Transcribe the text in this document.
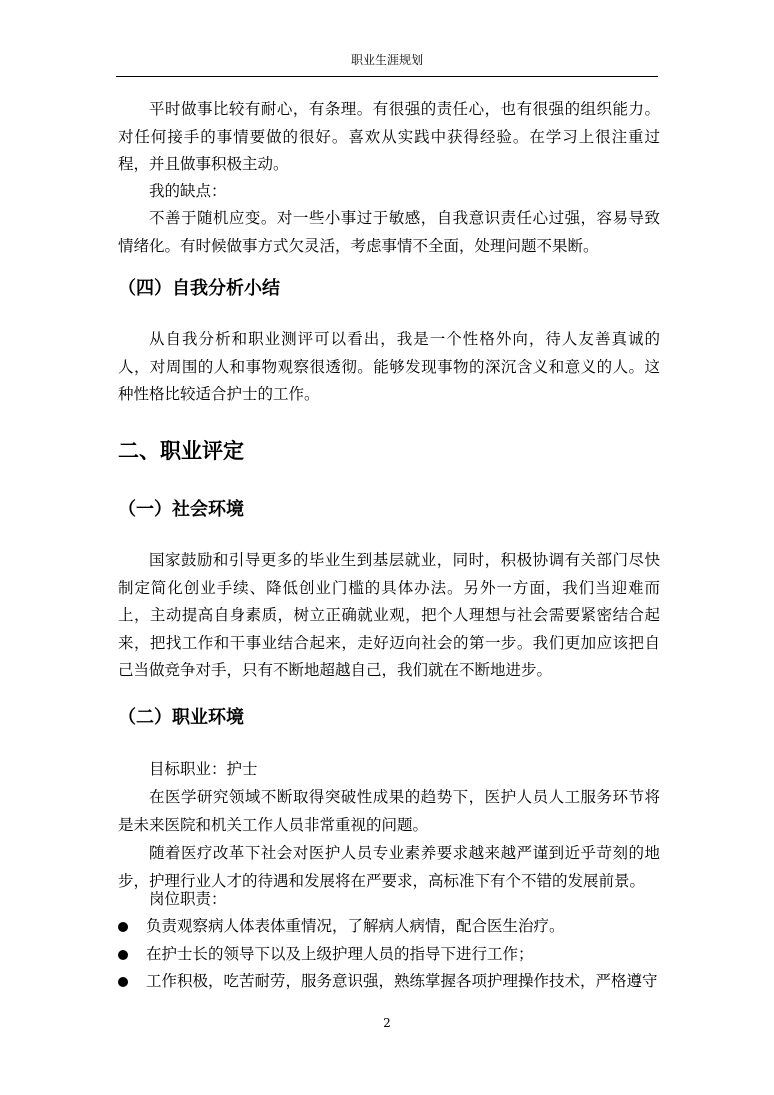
职业生涯规划

平时做事比较有耐心，有条理。有很强的责任心，也有很强的组织能力。对任何接手的事情要做的很好。喜欢从实践中获得经验。在学习上很注重过程，并且做事积极主动。

我的缺点：

不善于随机应变。对一些小事过于敏感，自我意识责任心过强，容易导致情绪化。有时候做事方式欠灵活，考虑事情不全面，处理问题不果断。

（四）自我分析小结

从自我分析和职业测评可以看出，我是一个性格外向，待人友善真诚的人，对周围的人和事物观察很透彻。能够发现事物的深沉含义和意义的人。这种性格比较适合护士的工作。

二、职业评定
（一）社会环境

国家鼓励和引导更多的毕业生到基层就业，同时，积极协调有关部门尽快制定简化创业手续、降低创业门槛的具体办法。另外一方面，我们当迎难而上，主动提高自身素质，树立正确就业观，把个人理想与社会需要紧密结合起来，把找工作和干事业结合起来，走好迈向社会的第一步。我们更加应该把自己当做竞争对手，只有不断地超越自己，我们就在不断地进步。

（二）职业环境

目标职业：护士

在医学研究领域不断取得突破性成果的趋势下，医护人员人工服务环节将是未来医院和机关工作人员非常重视的问题。

随着医疗改革下社会对医护人员专业素养要求越来越严谨到近乎苛刻的地步，护理行业人才的待遇和发展将在严要求，高标准下有个不错的发展前景。

岗位职责：

负责观察病人体表体重情况，了解病人病情，配合医生治疗。
在护士长的领导下以及上级护理人员的指导下进行工作；
工作积极，吃苦耐劳，服务意识强，熟练掌握各项护理操作技术，严格遵守
2
